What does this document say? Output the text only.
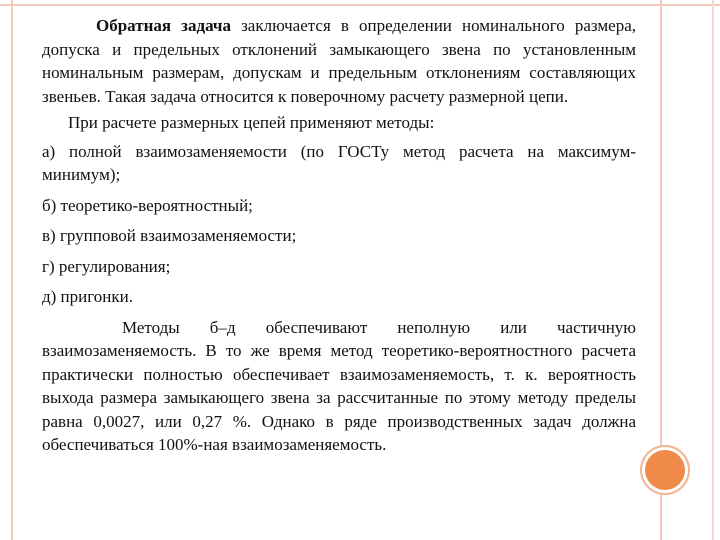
Обратная задача заключается в определении номинального размера, допуска и предельных отклонений замыкающего звена по установленным номинальным размерам, допускам и предельным отклонениям составляющих звеньев. Такая задача относится к поверочному расчету размерной цепи.

При расчете размерных цепей применяют методы:

а) полной взаимозаменяемости (по ГОСТу метод расчета на максимум-минимум);

б) теоретико-вероятностный;

в) групповой взаимозаменяемости;

г) регулирования;

д) пригонки.

Методы б–д обеспечивают неполную или частичную взаимозаменяемость. В то же время метод теоретико-вероятностного расчета практически полностью обеспечивает взаимозаменяемость, т. к. вероятность выхода размера замыкающего звена за рассчитанные по этому методу пределы равна 0,0027, или 0,27 %. Однако в ряде производственных задач должна обеспечиваться 100%-ная взаимозаменяемость.
